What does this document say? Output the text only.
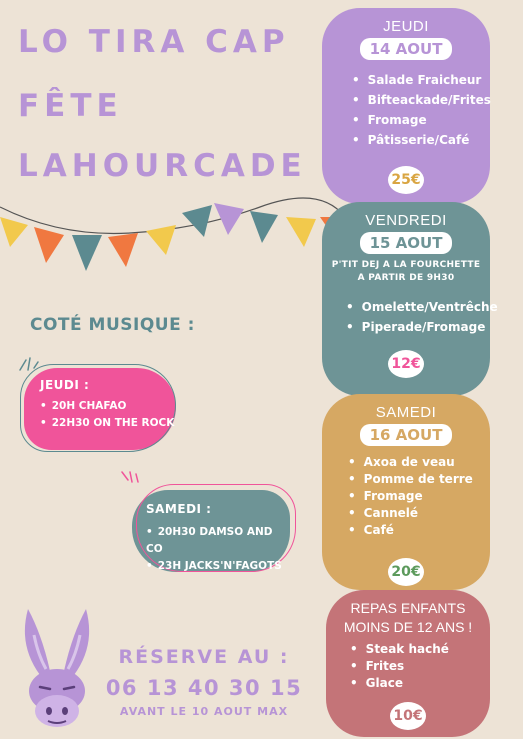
LO TIRA CAP
FÊTE
LAHOURCADE
JEUDI
14 AOUT
• Salade Fraicheur
• Bifteackade/Frites
• Fromage
• Pâtisserie/Café
25€
VENDREDI
15 AOUT
P'TIT DEJ A LA FOURCHETTE
A PARTIR DE 9H30
• Omelette/Ventrêche
• Piperade/Fromage
12€
SAMEDI
16 AOUT
• Axoa de veau
• Pomme de terre
• Fromage
• Cannelé
• Café
20€
REPAS ENFANTS
MOINS DE 12 ANS !
• Steak haché
• Frites
• Glace
10€
COTÉ MUSIQUE :
JEUDI :
• 20H CHAFAO
• 22H30 ON THE ROCK
SAMEDI :
• 20H30 DAMSO AND CO
• 23H JACKS'N'FAGOTS
RÉSERVE AU :
06 13 40 30 15
AVANT LE 10 AOUT MAX
